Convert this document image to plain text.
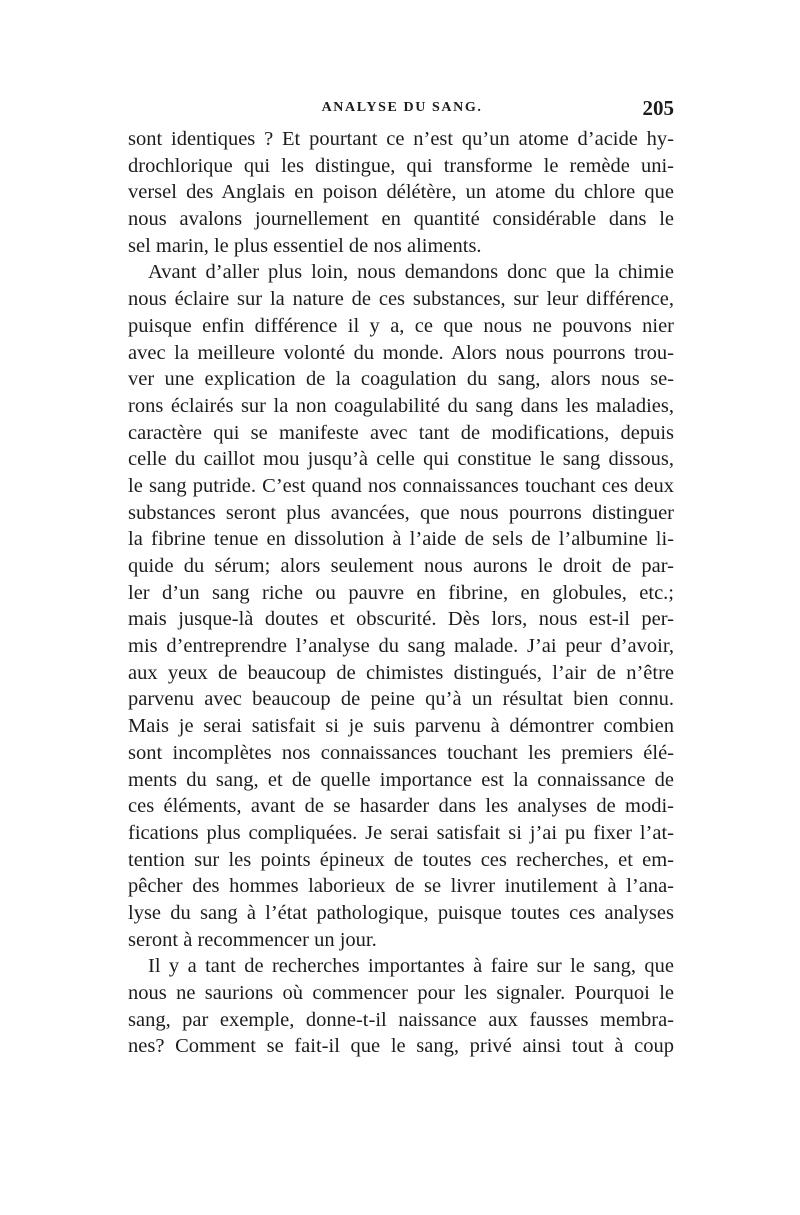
ANALYSE DU SANG.	205
sont identiques ? Et pourtant ce n’est qu’un atome d’acide hy-
drochlorique qui les distingue, qui transforme le remède uni-
versel des Anglais en poison délétère, un atome du chlore que
nous avalons journellement en quantité considérable dans le
sel marin, le plus essentiel de nos aliments.
Avant d’aller plus loin, nous demandons donc que la chimie
nous éclaire sur la nature de ces substances, sur leur différence,
puisque enfin différence il y a, ce que nous ne pouvons nier
avec la meilleure volonté du monde. Alors nous pourrons trou-
ver une explication de la coagulation du sang, alors nous se-
rons éclairés sur la non coagulabilité du sang dans les maladies,
caractère qui se manifeste avec tant de modifications, depuis
celle du caillot mou jusqu’à celle qui constitue le sang dissous,
le sang putride. C’est quand nos connaissances touchant ces deux
substances seront plus avancées, que nous pourrons distinguer
la fibrine tenue en dissolution à l’aide de sels de l’albumine li-
quide du sérum; alors seulement nous aurons le droit de par-
ler d’un sang riche ou pauvre en fibrine, en globules, etc.;
mais jusque-là doutes et obscurité. Dès lors, nous est-il per-
mis d’entreprendre l’analyse du sang malade. J’ai peur d’avoir,
aux yeux de beaucoup de chimistes distingués, l’air de n’être
parvenu avec beaucoup de peine qu’à un résultat bien connu.
Mais je serai satisfait si je suis parvenu à démontrer combien
sont incomplètes nos connaissances touchant les premiers élé-
ments du sang, et de quelle importance est la connaissance de
ces éléments, avant de se hasarder dans les analyses de modi-
fications plus compliquées. Je serai satisfait si j’ai pu fixer l’at-
tention sur les points épineux de toutes ces recherches, et em-
pêcher des hommes laborieux de se livrer inutilement à l’ana-
lyse du sang à l’état pathologique, puisque toutes ces analyses
seront à recommencer un jour.
Il y a tant de recherches importantes à faire sur le sang, que
nous ne saurions où commencer pour les signaler. Pourquoi le
sang, par exemple, donne-t-il naissance aux fausses membra-
nes? Comment se fait-il que le sang, privé ainsi tout à coup
